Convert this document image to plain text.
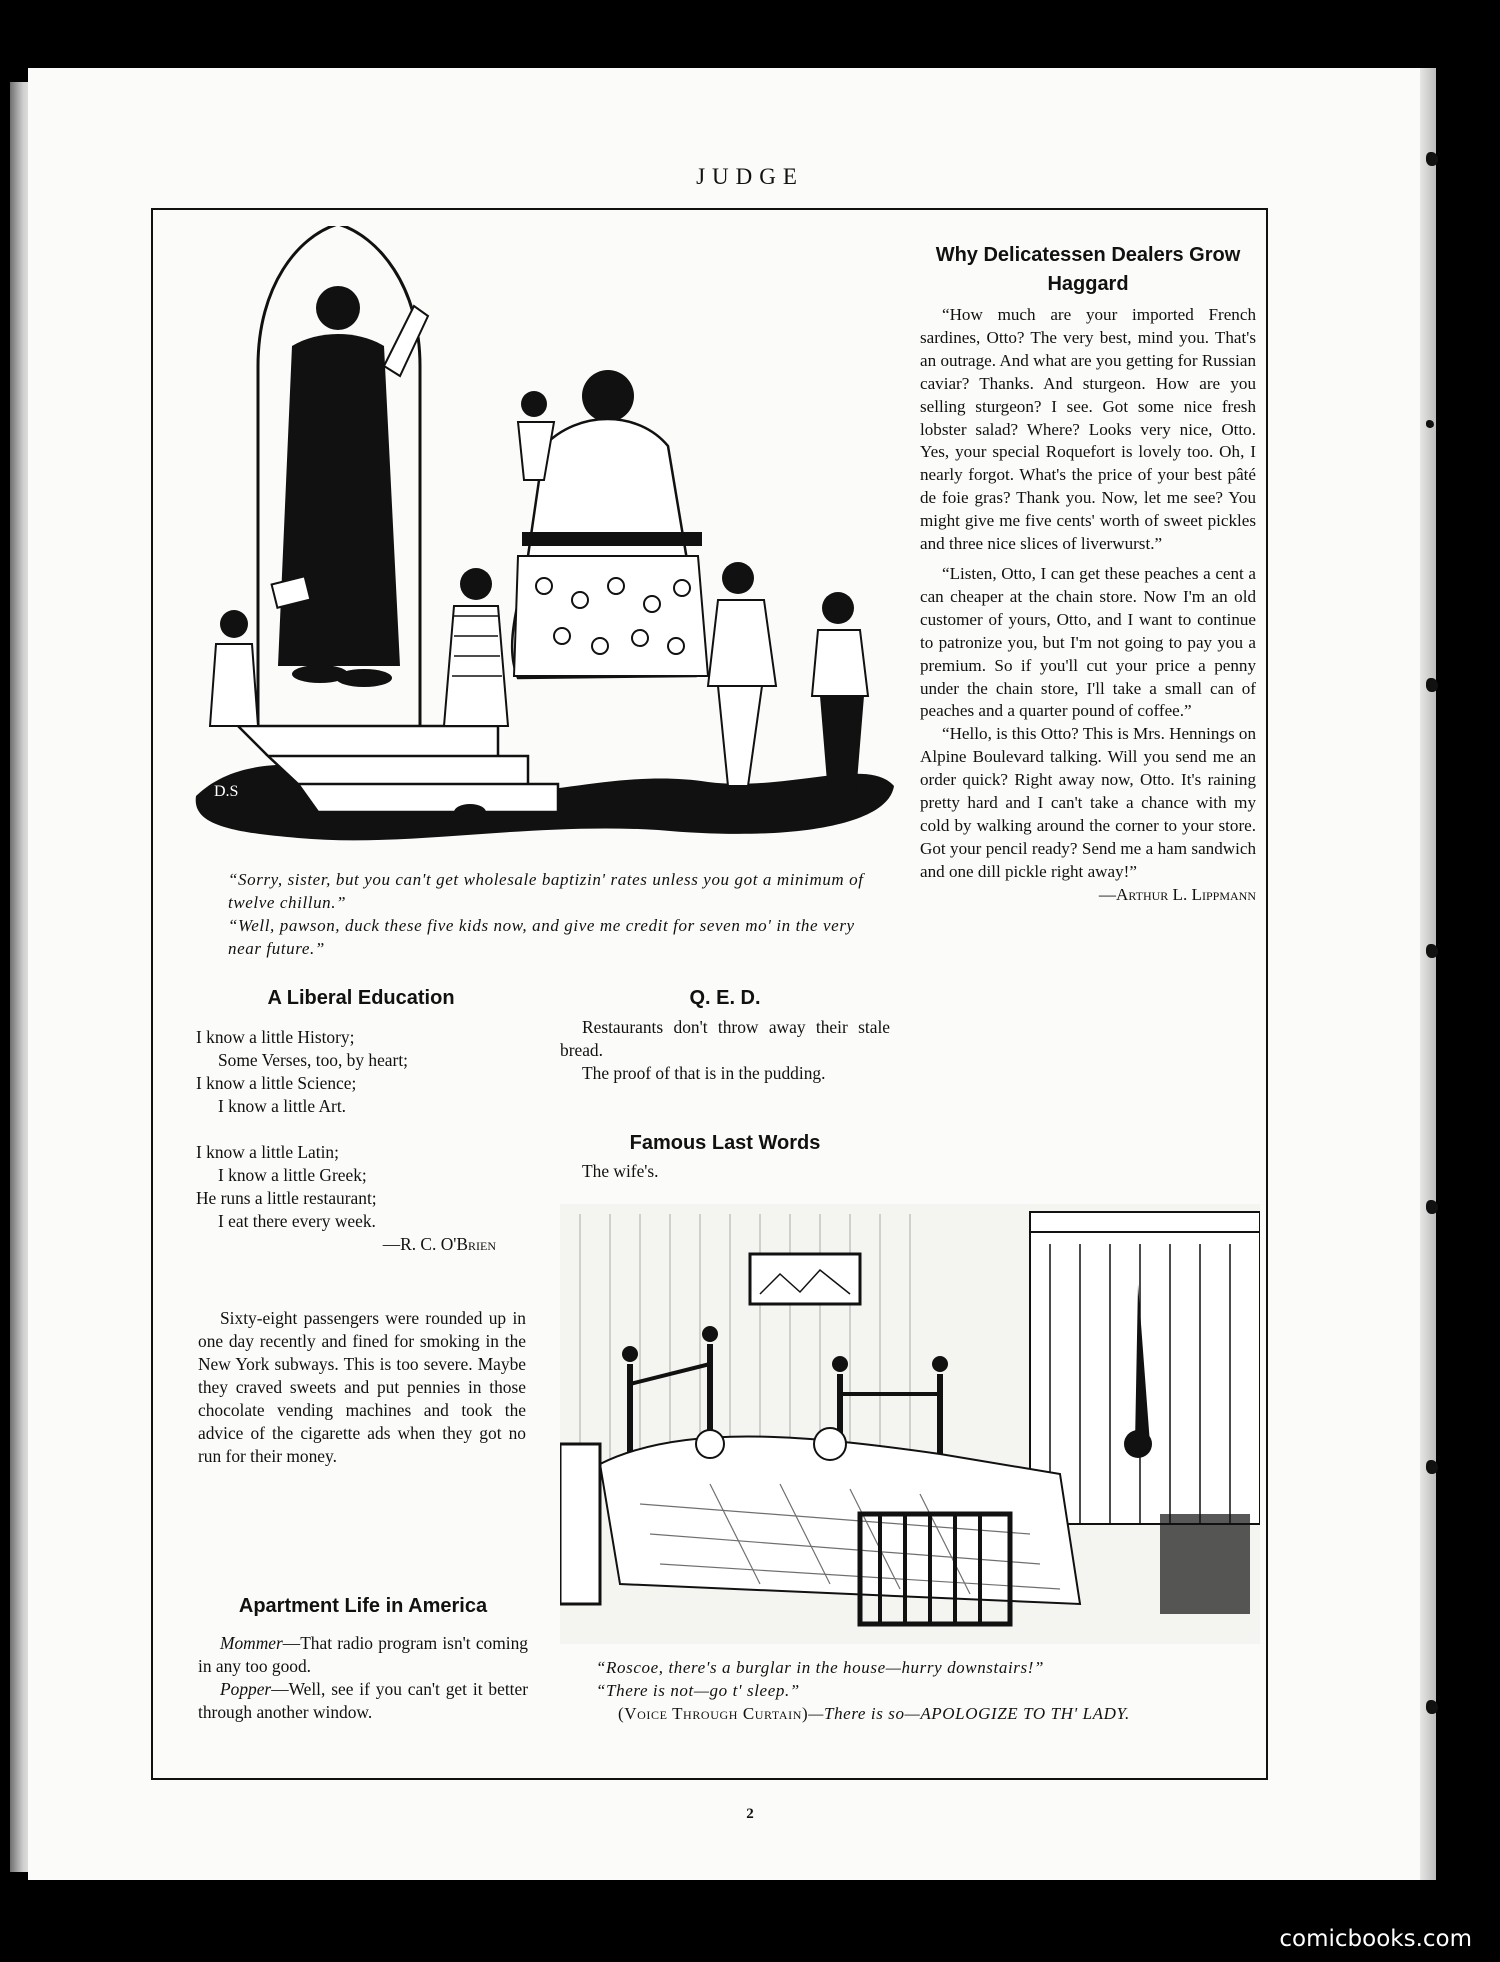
JUDGE
D.S
“Sorry, sister, but you can't get wholesale baptizin' rates unless you got a minimum of twelve chillun.”
“Well, pawson, duck these five kids now, and give me credit for seven mo' in the very near future.”
Why Delicatessen Dealers Grow Haggard

“How much are your imported French sardines, Otto? The very best, mind you. That's an outrage. And what are you getting for Russian caviar? Thanks. And sturgeon. How are you selling sturgeon? I see. Got some nice fresh lobster salad? Where? Looks very nice, Otto. Yes, your special Roquefort is lovely too. Oh, I nearly forgot. What's the price of your best pâté de foie gras? Thank you. Now, let me see? You might give me five cents' worth of sweet pickles and three nice slices of liverwurst.”

“Listen, Otto, I can get these peaches a cent a can cheaper at the chain store. Now I'm an old customer of yours, Otto, and I want to continue to patronize you, but I'm not going to pay you a premium. So if you'll cut your price a penny under the chain store, I'll take a small can of peaches and a quarter pound of coffee.”

“Hello, is this Otto? This is Mrs. Hennings on Alpine Boulevard talking. Will you send me an order quick? Right away now, Otto. It's raining pretty hard and I can't take a chance with my cold by walking around the corner to your store. Got your pencil ready? Send me a ham sandwich and one dill pickle right away!”

—Arthur L. Lippmann
A Liberal Education
I know a little History;
Some Verses, too, by heart;
I know a little Science;
I know a little Art.
I know a little Latin;
I know a little Greek;
He runs a little restaurant;
I eat there every week.
—R. C. O'Brien
Q. E. D.

Restaurants don't throw away their stale bread.

The proof of that is in the pudding.

Famous Last Words

The wife's.

Sixty-eight passengers were rounded up in one day recently and fined for smoking in the New York subways. This is too severe. Maybe they craved sweets and put pennies in those chocolate vending machines and took the advice of the cigarette ads when they got no run for their money.

Apartment Life in America

Mommer—That radio program isn't coming in any too good.

Popper—Well, see if you can't get it better through another window.

“Roscoe, there's a burglar in the house—hurry downstairs!”
“There is not—go t' sleep.”
(Voice Through Curtain)—There is so—APOLOGIZE TO TH' LADY.
2
comicbooks.com
